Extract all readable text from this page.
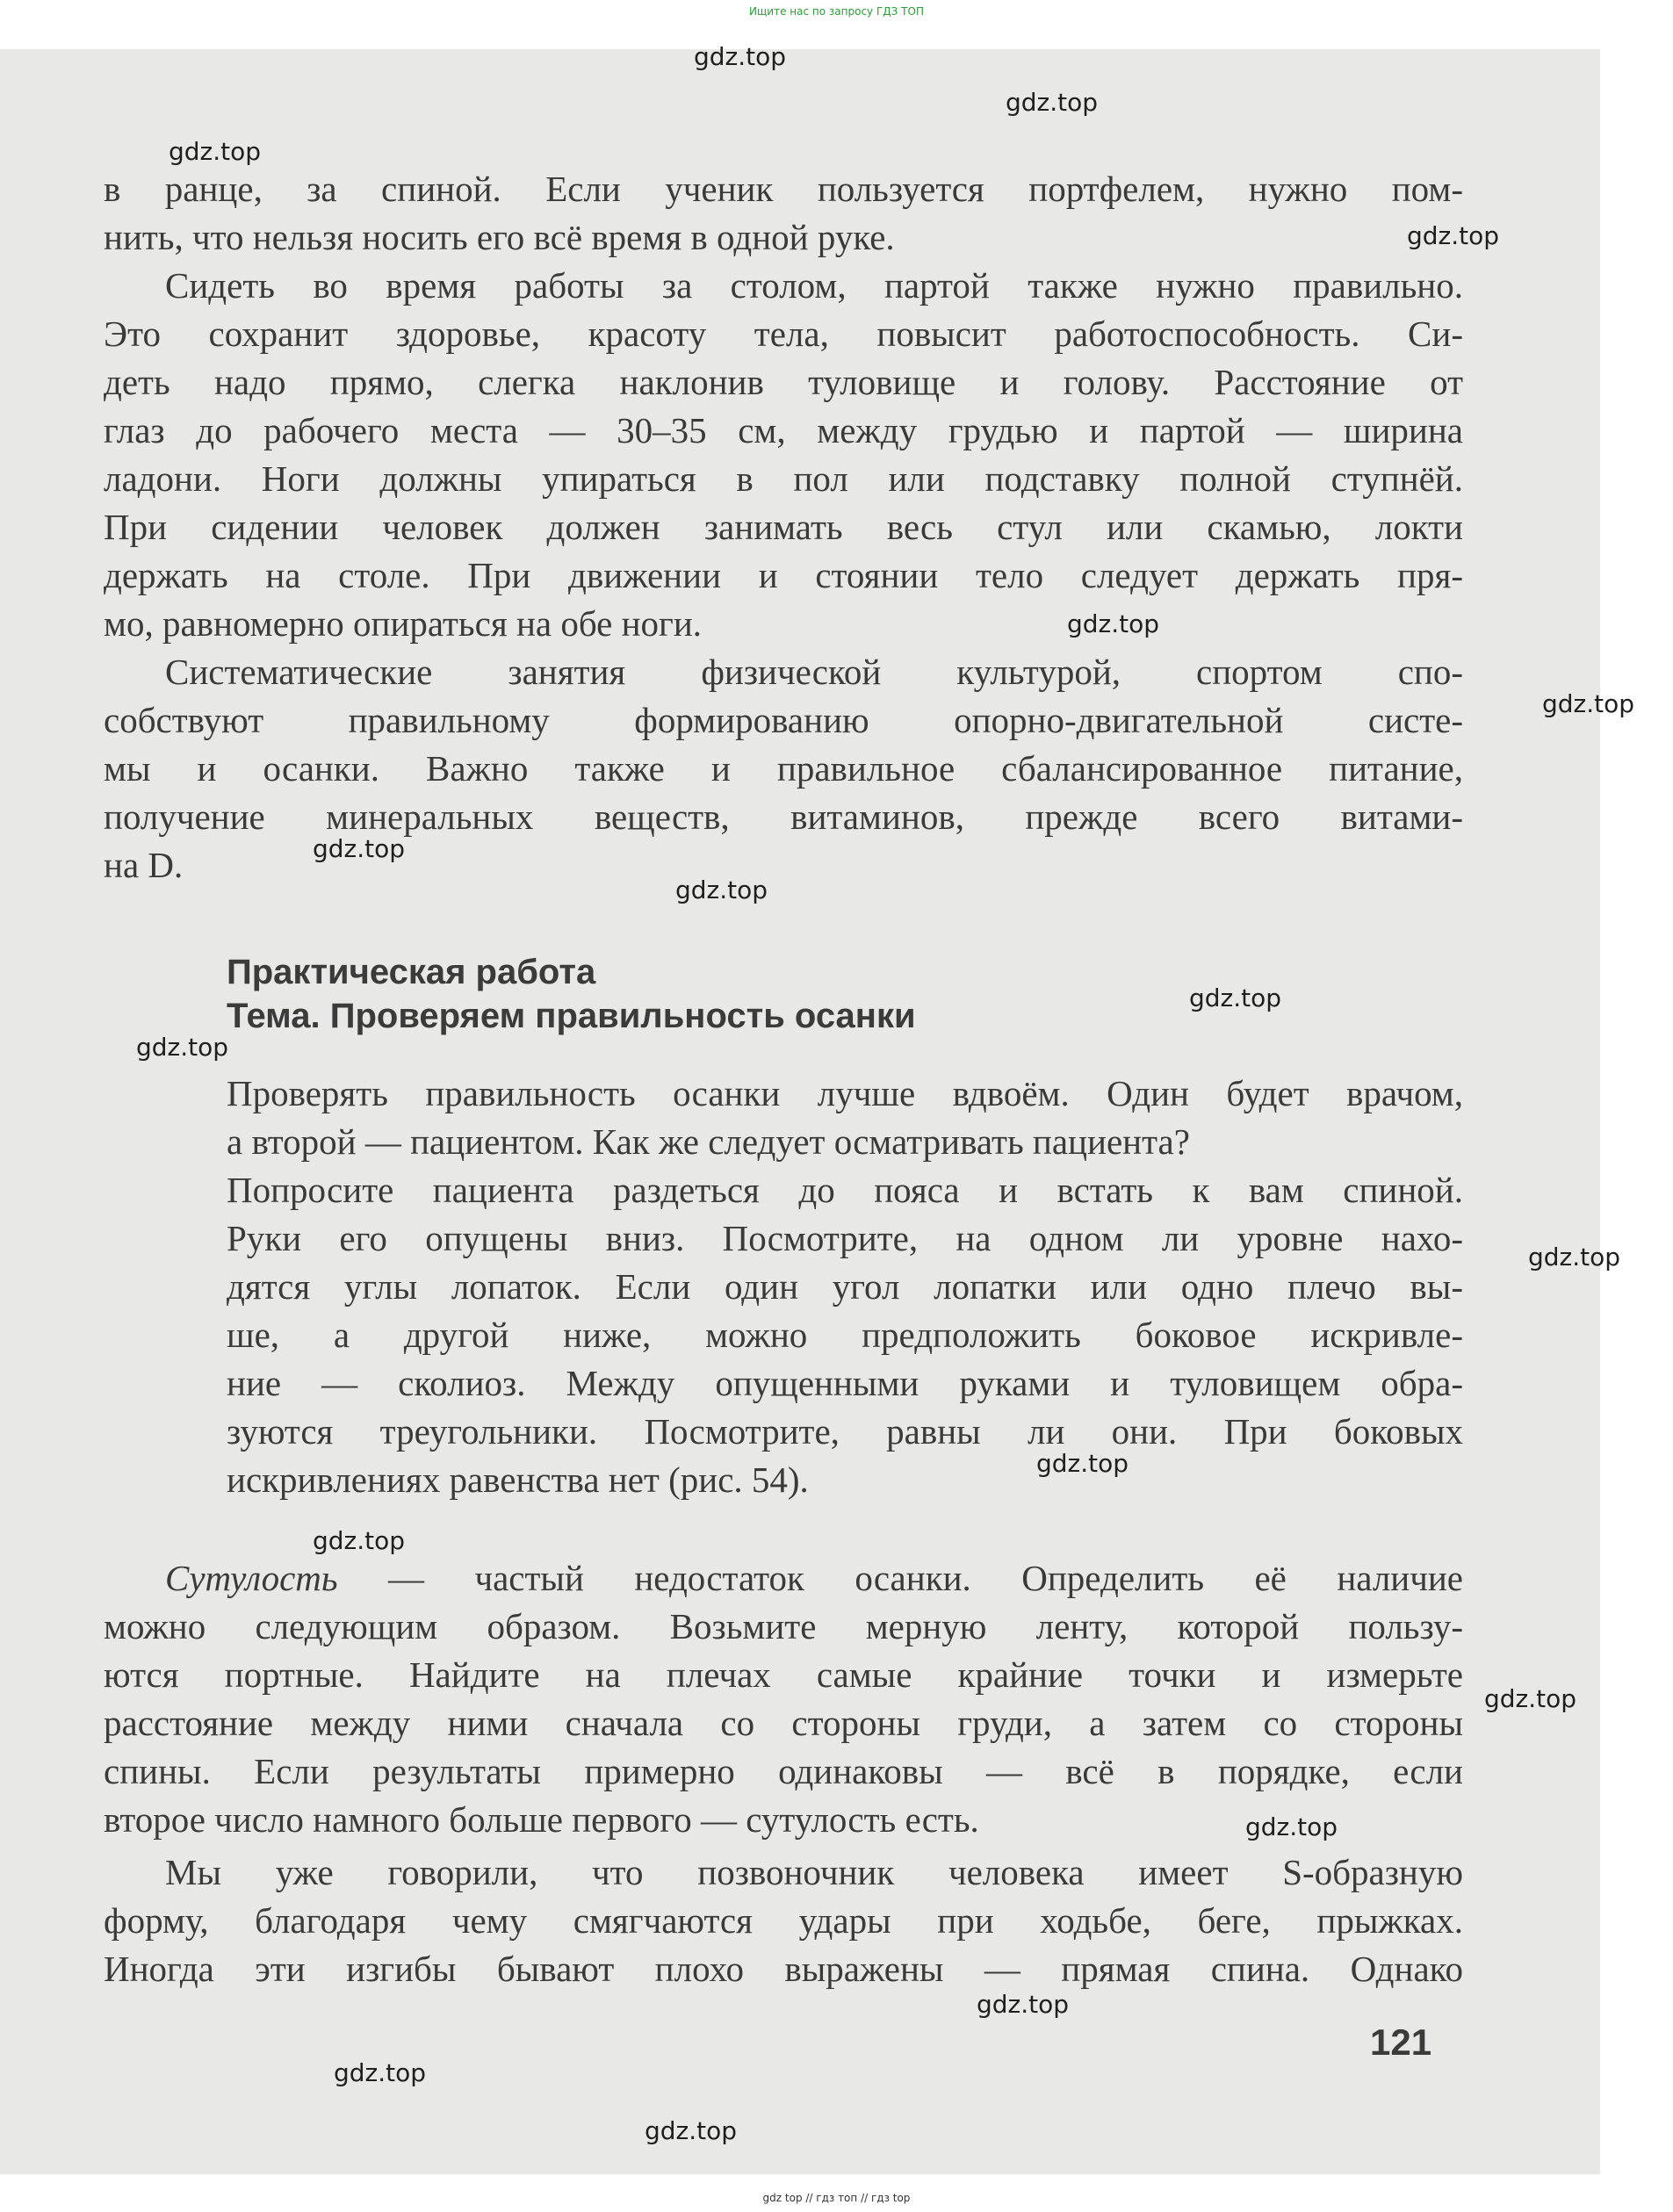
Ищите нас по запросу ГДЗ ТОП
в ранце, за спиной. Если ученик пользуется портфелем, нужно пом-
нить, что нельзя носить его всё время в одной руке.
Сидеть во время работы за столом, партой также нужно правильно.
Это сохранит здоровье, красоту тела, повысит работоспособность. Си-
деть надо прямо, слегка наклонив туловище и голову. Расстояние от
глаз до рабочего места — 30–35 см, между грудью и партой — ширина
ладони. Ноги должны упираться в пол или подставку полной ступнёй.
При сидении человек должен занимать весь стул или скамью, локти
держать на столе. При движении и стоянии тело следует держать пря-
мо, равномерно опираться на обе ноги.
Систематические занятия физической культурой, спортом спо-
собствуют правильному формированию опорно-двигательной систе-
мы и осанки. Важно также и правильное сбалансированное питание,
получение минеральных веществ, витаминов, прежде всего витами-
на D.
Практическая работа
Тема. Проверяем правильность осанки
Проверять правильность осанки лучше вдвоём. Один будет врачом,
а второй — пациентом. Как же следует осматривать пациента?
Попросите пациента раздеться до пояса и встать к вам спиной.
Руки его опущены вниз. Посмотрите, на одном ли уровне нахо-
дятся углы лопаток. Если один угол лопатки или одно плечо вы-
ше, а другой ниже, можно предположить боковое искривле-
ние — сколиоз. Между опущенными руками и туловищем обра-
зуются треугольники. Посмотрите, равны ли они. При боковых
искривлениях равенства нет (рис. 54).
Сутулость — частый недостаток осанки. Определить её наличие
можно следующим образом. Возьмите мерную ленту, которой пользу-
ются портные. Найдите на плечах самые крайние точки и измерьте
расстояние между ними сначала со стороны груди, а затем со стороны
спины. Если результаты примерно одинаковы — всё в порядке, если
второе число намного больше первого — сутулость есть.
Мы уже говорили, что позвоночник человека имеет S-образную
форму, благодаря чему смягчаются удары при ходьбе, беге, прыжках.
Иногда эти изгибы бывают плохо выражены — прямая спина. Однако
121
gdz.top
gdz.top
gdz.top
gdz.top
gdz.top
gdz.top
gdz.top
gdz.top
gdz.top
gdz.top
gdz.top
gdz.top
gdz.top
gdz.top
gdz.top
gdz.top
gdz.top
gdz.top
gdz top // гдз топ // гдз top
